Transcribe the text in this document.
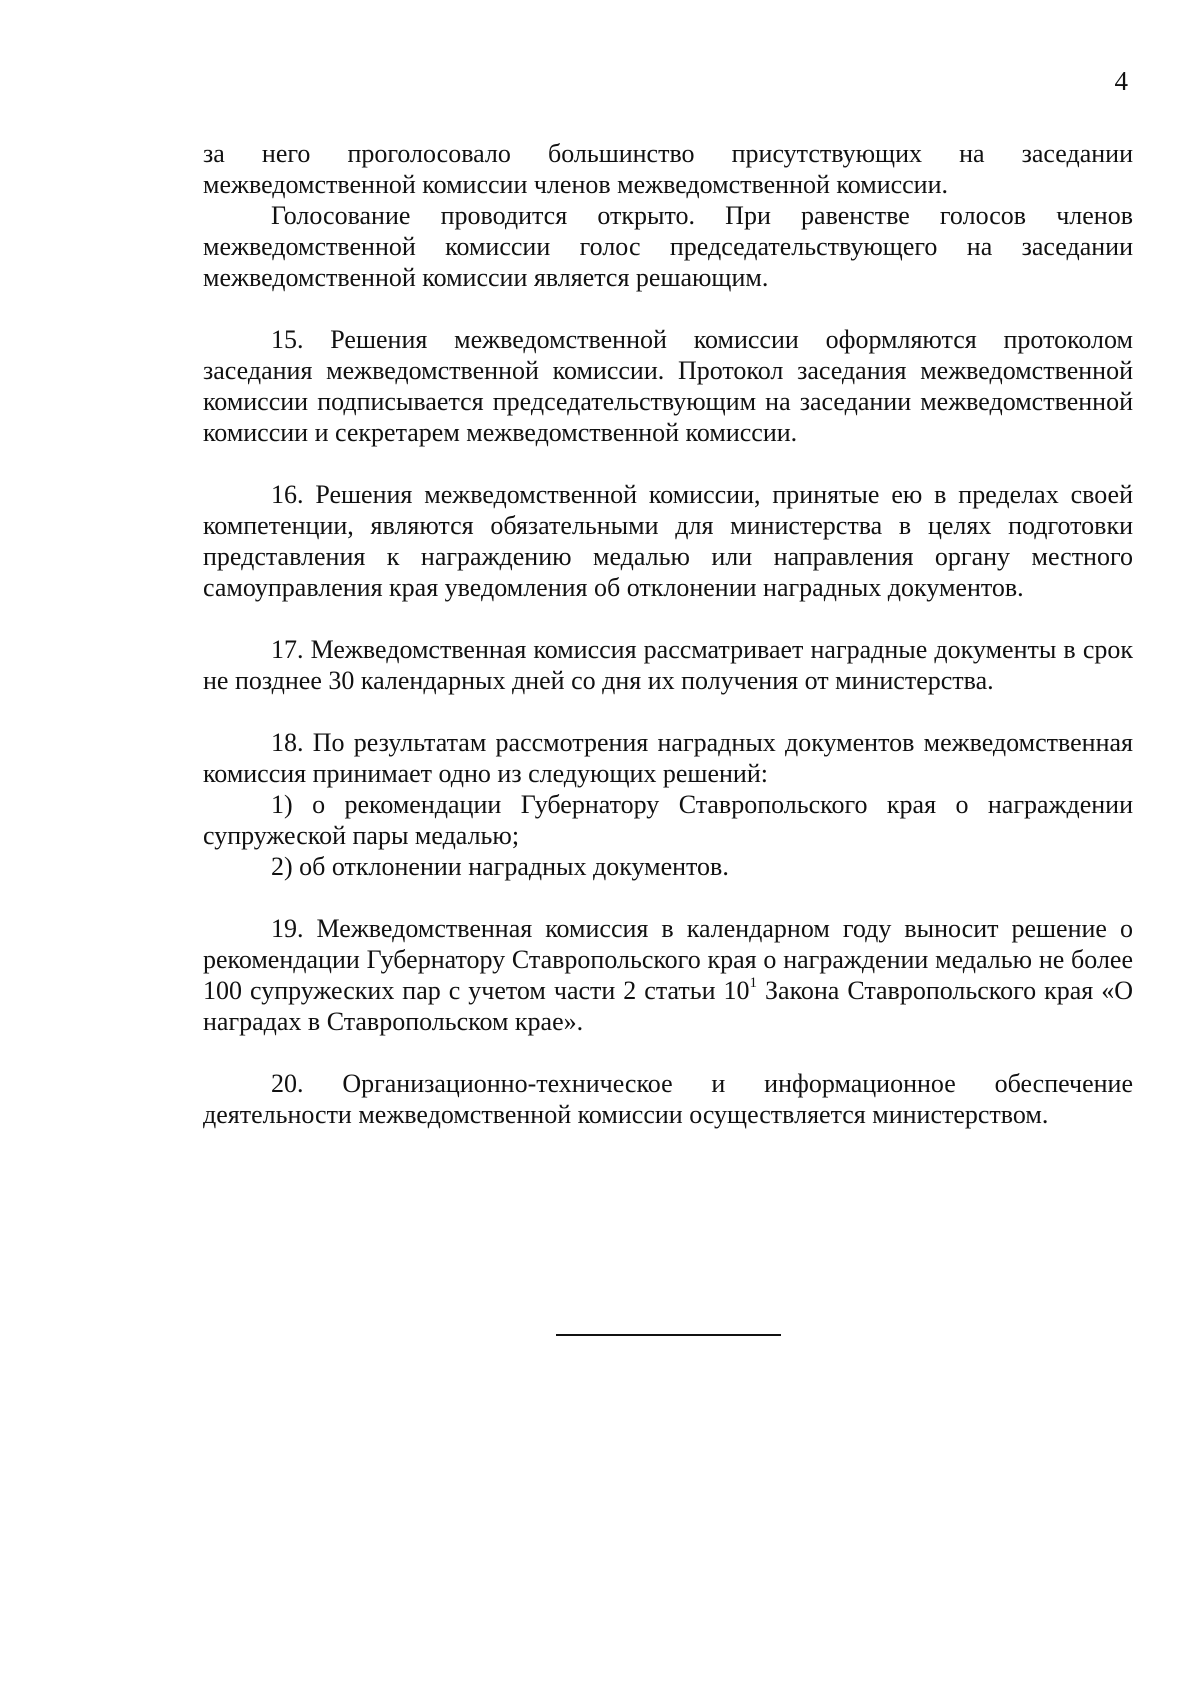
4

за него проголосовало большинство присутствующих на заседании межведомственной комиссии членов межведомственной комиссии.

Голосование проводится открыто. При равенстве голосов членов межведомственной комиссии голос председательствующего на заседании межведомственной комиссии является решающим.

15. Решения межведомственной комиссии оформляются протоколом заседания межведомственной комиссии. Протокол заседания межведомственной комиссии подписывается председательствующим на заседании межведомственной комиссии и секретарем межведомственной комиссии.

16. Решения межведомственной комиссии, принятые ею в пределах своей компетенции, являются обязательными для министерства в целях подготовки представления к награждению медалью или направления органу местного самоуправления края уведомления об отклонении наградных документов.

17. Межведомственная комиссия рассматривает наградные документы в срок не позднее 30 календарных дней со дня их получения от министерства.

18. По результатам рассмотрения наградных документов межведомственная комиссия принимает одно из следующих решений:

1) о рекомендации Губернатору Ставропольского края о награждении супружеской пары медалью;

2) об отклонении наградных документов.

19. Межведомственная комиссия в календарном году выносит решение о рекомендации Губернатору Ставропольского края о награждении медалью не более 100 супружеских пар с учетом части 2 статьи $10^1$ Закона Ставропольского края «О наградах в Ставропольском крае».

20. Организационно-техническое и информационное обеспечение деятельности межведомственной комиссии осуществляется министерством.
